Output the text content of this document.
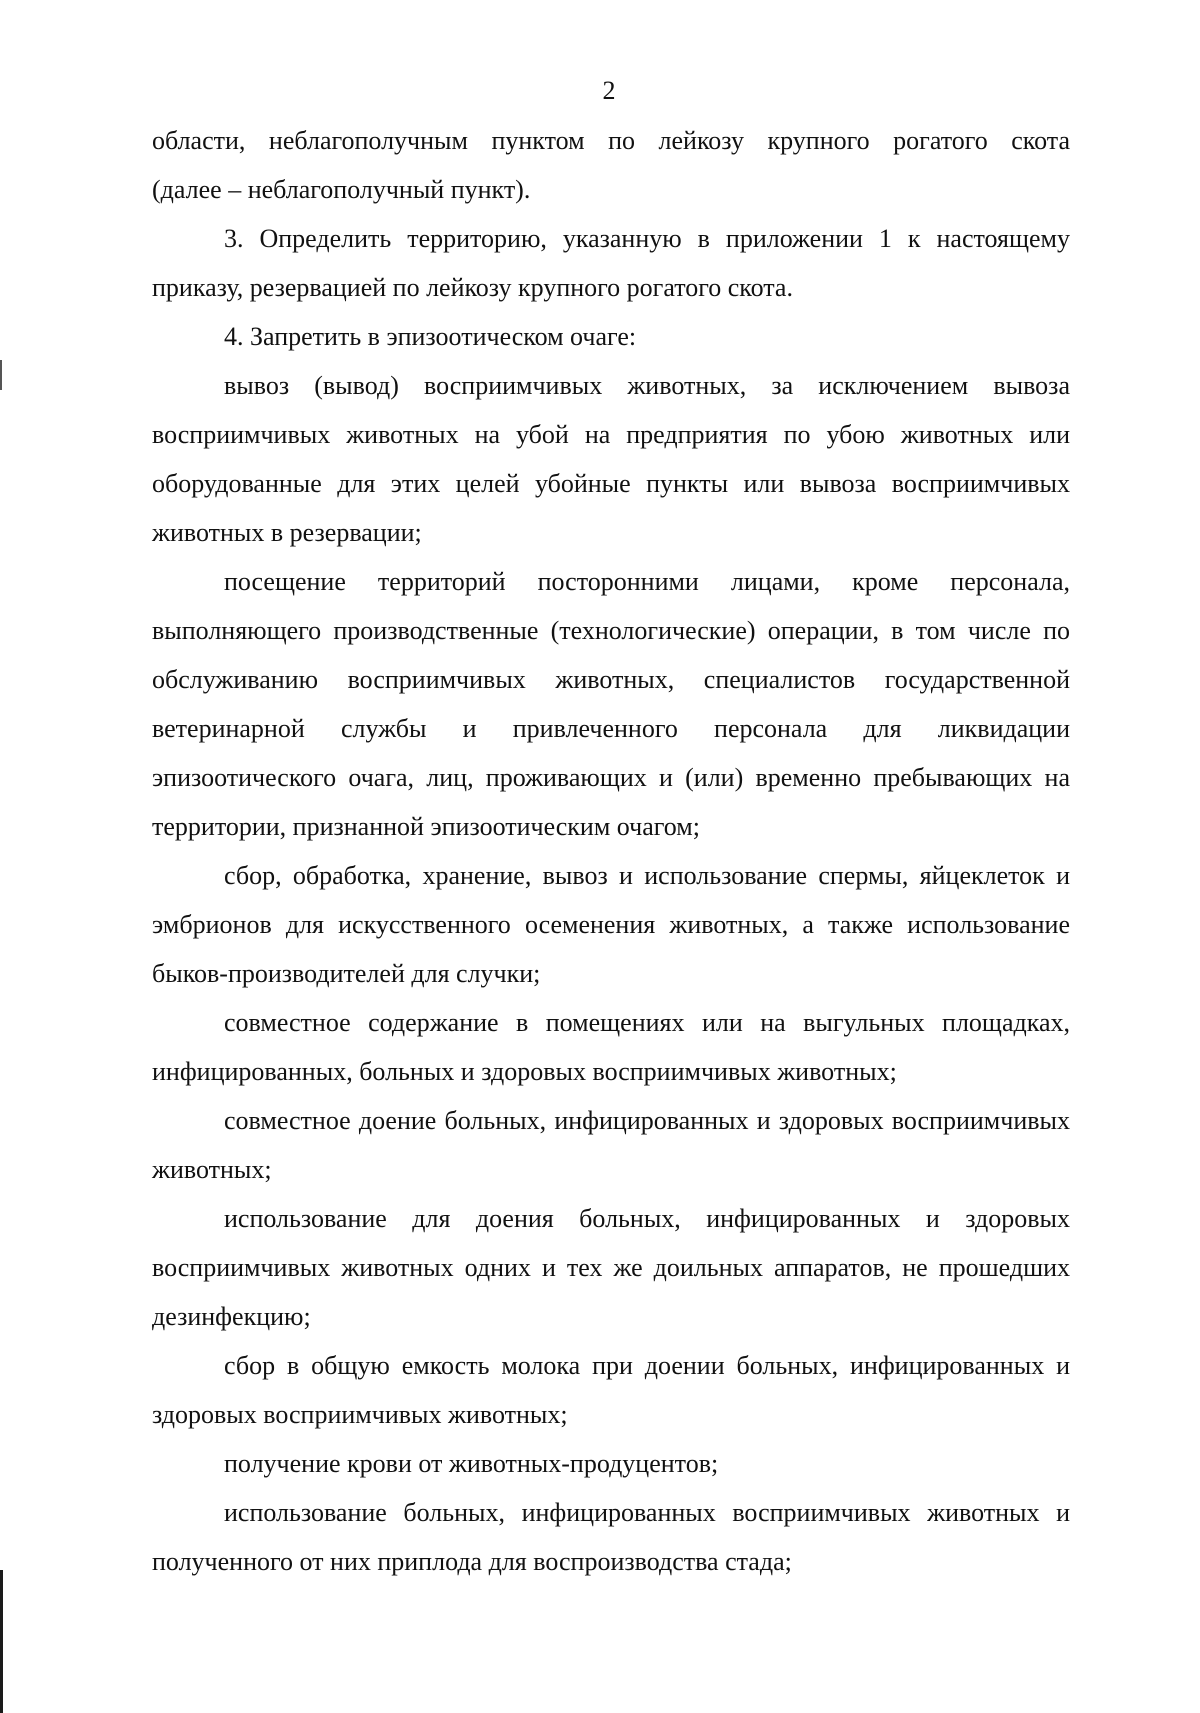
2

области, неблагополучным пунктом по лейкозу крупного рогатого скота

(далее – неблагополучный пункт).

3. Определить территорию, указанную в приложении 1 к настоящему

приказу, резервацией по лейкозу крупного рогатого скота.

4. Запретить в эпизоотическом очаге:

вывоз (вывод) восприимчивых животных, за исключением вывоза восприимчивых животных на убой на предприятия по убою животных или оборудованные для этих целей убойные пункты или вывоза восприимчивых животных в резервации;

посещение территорий посторонними лицами, кроме персонала, выполняющего производственные (технологические) операции, в том числе по обслуживанию восприимчивых животных, специалистов государственной ветеринарной службы и привлеченного персонала для ликвидации эпизоотического очага, лиц, проживающих и (или) временно пребывающих на территории, признанной эпизоотическим очагом;

сбор, обработка, хранение, вывоз и использование спермы, яйцеклеток и эмбрионов для искусственного осеменения животных, а также использование быков-производителей для случки;

совместное содержание в помещениях или на выгульных площадках, инфицированных, больных и здоровых восприимчивых животных;

совместное доение больных, инфицированных и здоровых восприимчивых животных;

использование для доения больных, инфицированных и здоровых восприимчивых животных одних и тех же доильных аппаратов, не прошедших дезинфекцию;

сбор в общую емкость молока при доении больных, инфицированных и здоровых восприимчивых животных;

получение крови от животных-продуцентов;

использование больных, инфицированных восприимчивых животных и полученного от них приплода для воспроизводства стада;
